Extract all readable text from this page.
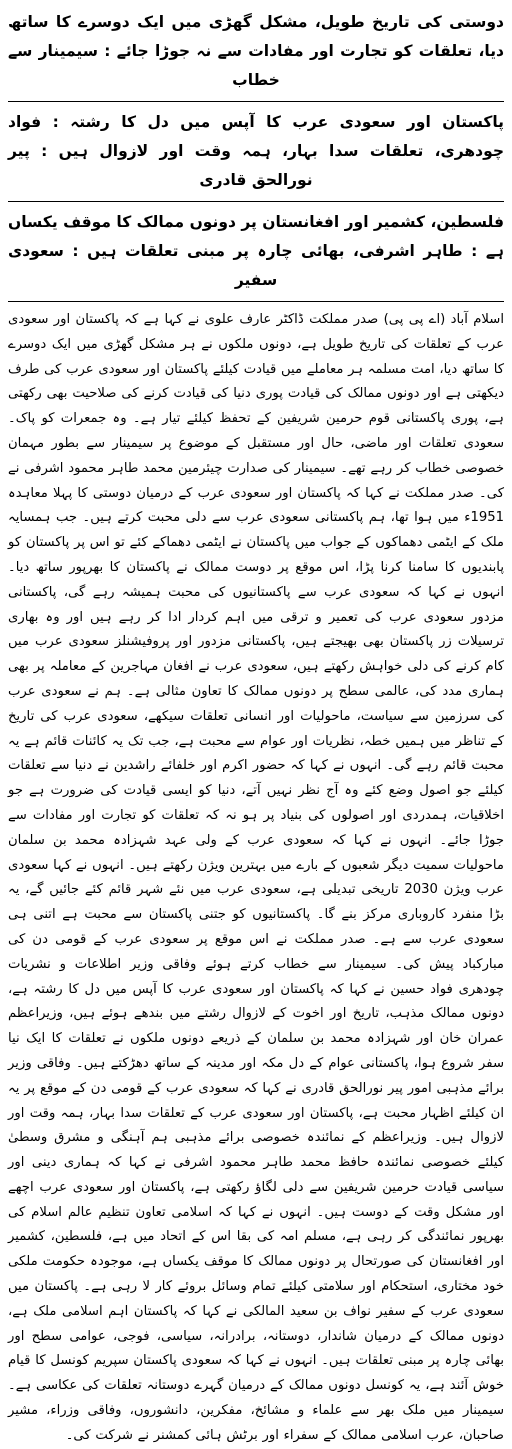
دوستی کی تاریخ طویل، مشکل گھڑی میں ایک دوسرے کا ساتھ دیا، تعلقات کو تجارت اور مفادات سے نہ جوڑا جائے : سیمینار سے خطاب
پاکستان اور سعودی عرب کا آپس میں دل کا رشتہ : فواد چودھری، تعلقات سدا بہار، ہمہ وقت اور لازوال ہیں : پیر نورالحق قادری
فلسطین، کشمیر اور افغانستان پر دونوں ممالک کا موقف یکساں ہے : طاہر اشرفی، بھائی چارہ پر مبنی تعلقات ہیں : سعودی سفیر

اسلام آباد (اے پی پی) صدر مملکت ڈاکٹر عارف علوی نے کہا ہے کہ پاکستان اور سعودی عرب کے تعلقات کی تاریخ طویل ہے، دونوں ملکوں نے ہر مشکل گھڑی میں ایک دوسرے کا ساتھ دیا، امت مسلمہ ہر معاملے میں قیادت کیلئے پاکستان اور سعودی عرب کی طرف دیکھتی ہے اور دونوں ممالک کی قیادت پوری دنیا کی قیادت کرنے کی صلاحیت بھی رکھتی ہے، پوری پاکستانی قوم حرمین شریفین کے تحفظ کیلئے تیار ہے۔ وہ جمعرات کو پاک۔ سعودی تعلقات اور ماضی، حال اور مستقبل کے موضوع پر سیمینار سے بطور مہمان خصوصی خطاب کر رہے تھے۔ سیمینار کی صدارت چیئرمین محمد طاہر محمود اشرفی نے کی۔ صدر مملکت نے کہا کہ پاکستان اور سعودی عرب کے درمیان دوستی کا پہلا معاہدہ 1951ء میں ہوا تھا، ہم پاکستانی سعودی عرب سے دلی محبت کرتے ہیں۔ جب ہمسایہ ملک کے ایٹمی دھماکوں کے جواب میں پاکستان نے ایٹمی دھماکے کئے تو اس پر پاکستان کو پابندیوں کا سامنا کرنا پڑا، اس موقع پر دوست ممالک نے پاکستان کا بھرپور ساتھ دیا۔ انہوں نے کہا کہ سعودی عرب سے پاکستانیوں کی محبت ہمیشہ رہے گی، پاکستانی مزدور سعودی عرب کی تعمیر و ترقی میں اہم کردار ادا کر رہے ہیں اور وہ بھاری ترسیلات زر پاکستان بھی بھیجتے ہیں، پاکستانی مزدور اور پروفیشنلز سعودی عرب میں کام کرنے کی دلی خواہش رکھتے ہیں، سعودی عرب نے افغان مہاجرین کے معاملہ پر بھی ہماری مدد کی، عالمی سطح پر دونوں ممالک کا تعاون مثالی ہے۔ ہم نے سعودی عرب کی سرزمین سے سیاست، ماحولیات اور انسانی تعلقات سیکھے، سعودی عرب کی تاریخ کے تناظر میں ہمیں خطہ، نظریات اور عوام سے محبت ہے، جب تک یہ کائنات قائم ہے یہ محبت قائم رہے گی۔ انہوں نے کہا کہ حضور اکرم اور خلفائے راشدین نے دنیا سے تعلقات کیلئے جو اصول وضع کئے وہ آج نظر نہیں آتے، دنیا کو ایسی قیادت کی ضرورت ہے جو اخلاقیات، ہمدردی اور اصولوں کی بنیاد پر ہو نہ کہ تعلقات کو تجارت اور مفادات سے جوڑا جائے۔ انہوں نے کہا کہ سعودی عرب کے ولی عہد شہزادہ محمد بن سلمان ماحولیات سمیت دیگر شعبوں کے بارے میں بہترین ویژن رکھتے ہیں۔ انہوں نے کہا سعودی عرب ویژن 2030 تاریخی تبدیلی ہے، سعودی عرب میں نئے شہر قائم کئے جائیں گے، یہ بڑا منفرد کاروباری مرکز بنے گا۔ پاکستانیوں کو جتنی پاکستان سے محبت ہے اتنی ہی سعودی عرب سے ہے۔ صدر مملکت نے اس موقع پر سعودی عرب کے قومی دن کی مبارکباد پیش کی۔ سیمینار سے خطاب کرتے ہوئے وفاقی وزیر اطلاعات و نشریات چودھری فواد حسین نے کہا کہ پاکستان اور سعودی عرب کا آپس میں دل کا رشتہ ہے، دونوں ممالک مذہب، تاریخ اور اخوت کے لازوال رشتے میں بندھے ہوئے ہیں، وزیراعظم عمران خان اور شہزادہ محمد بن سلمان کے ذریعے دونوں ملکوں نے تعلقات کا ایک نیا سفر شروع ہوا، پاکستانی عوام کے دل مکہ اور مدینہ کے ساتھ دھڑکتے ہیں۔ وفاقی وزیر برائے مذہبی امور پیر نورالحق قادری نے کہا کہ سعودی عرب کے قومی دن کے موقع پر یہ ان کیلئے اظہار محبت ہے، پاکستان اور سعودی عرب کے تعلقات سدا بہار، ہمہ وقت اور لازوال ہیں۔ وزیراعظم کے نمائندہ خصوصی برائے مذہبی ہم آہنگی و مشرق وسطیٰ کیلئے خصوصی نمائندہ حافظ محمد طاہر محمود اشرفی نے کہا کہ ہماری دینی اور سیاسی قیادت حرمین شریفین سے دلی لگاؤ رکھتی ہے، پاکستان اور سعودی عرب اچھے اور مشکل وقت کے دوست ہیں۔ انہوں نے کہا کہ اسلامی تعاون تنظیم عالم اسلام کی بھرپور نمائندگی کر رہی ہے، مسلم امہ کی بقا اس کے اتحاد میں ہے، فلسطین، کشمیر اور افغانستان کی صورتحال پر دونوں ممالک کا موقف یکساں ہے، موجودہ حکومت ملکی خود مختاری، استحکام اور سلامتی کیلئے تمام وسائل بروئے کار لا رہی ہے۔ پاکستان میں سعودی عرب کے سفیر نواف بن سعید المالکی نے کہا کہ پاکستان اہم اسلامی ملک ہے، دونوں ممالک کے درمیان شاندار، دوستانہ، برادرانہ، سیاسی، فوجی، عوامی سطح اور بھائی چارہ پر مبنی تعلقات ہیں۔ انہوں نے کہا کہ سعودی پاکستان سپریم کونسل کا قیام خوش آئند ہے، یہ کونسل دونوں ممالک کے درمیان گہرے دوستانہ تعلقات کی عکاسی ہے۔ سیمینار میں ملک بھر سے علماء و مشائخ، مفکرین، دانشوروں، وفاقی وزراء، مشیر صاحبان، عرب اسلامی ممالک کے سفراء اور برٹش ہائی کمشنر نے شرکت کی۔
